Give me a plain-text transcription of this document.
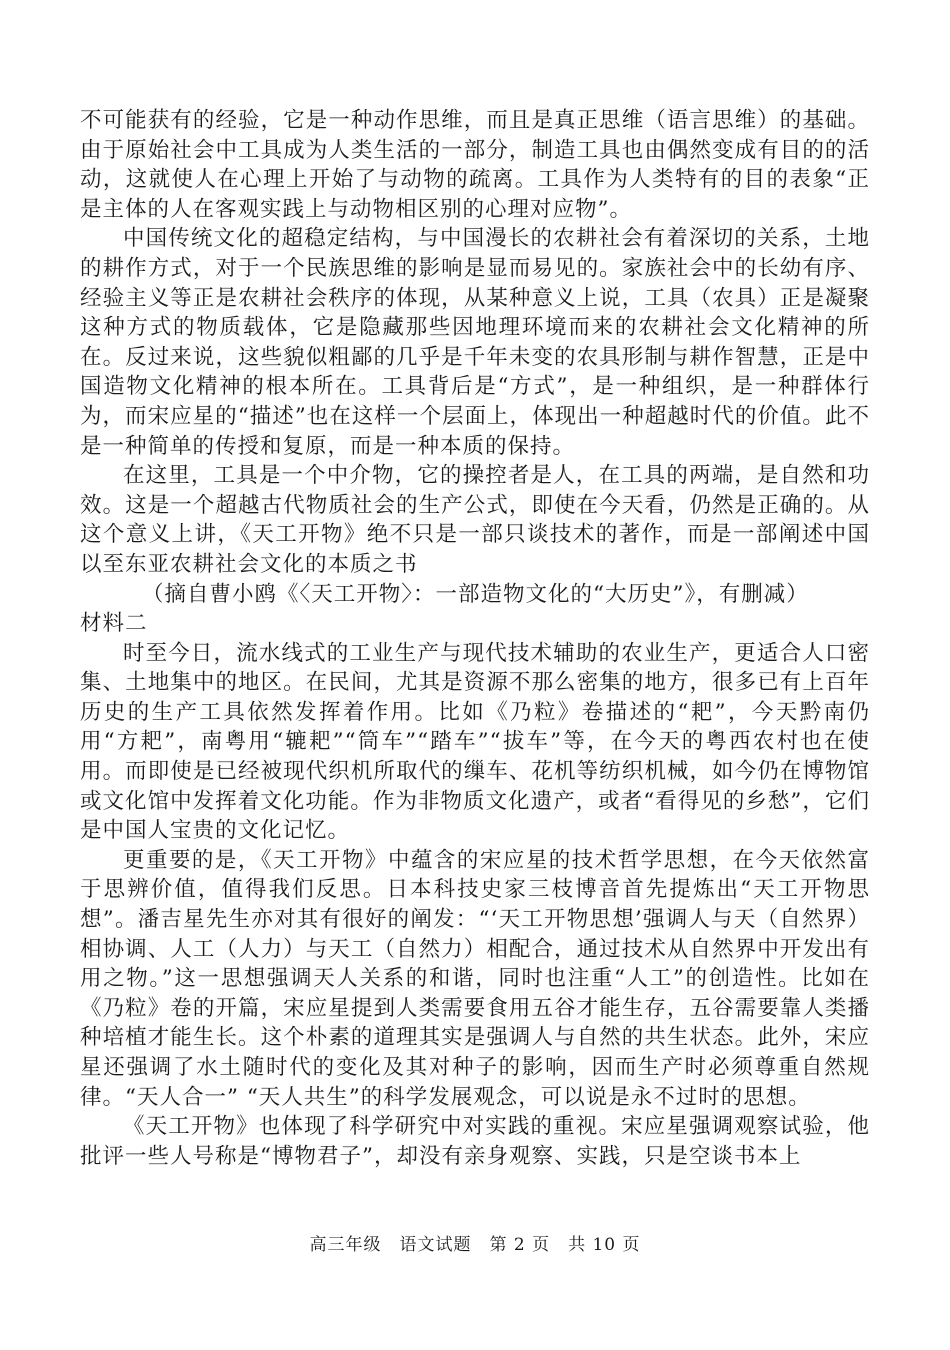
不可能获有的经验，它是一种动作思维，而且是真正思维（语言思维）的基础。由于原始社会中工具成为人类生活的一部分，制造工具也由偶然变成有目的的活动，这就使人在心理上开始了与动物的疏离。工具作为人类特有的目的表象“正是主体的人在客观实践上与动物相区别的心理对应物”。

中国传统文化的超稳定结构，与中国漫长的农耕社会有着深切的关系，土地的耕作方式，对于一个民族思维的影响是显而易见的。家族社会中的长幼有序、经验主义等正是农耕社会秩序的体现，从某种意义上说，工具（农具）正是凝聚这种方式的物质载体，它是隐藏那些因地理环境而来的农耕社会文化精神的所在。反过来说，这些貌似粗鄙的几乎是千年未变的农具形制与耕作智慧，正是中国造物文化精神的根本所在。工具背后是“方式”，是一种组织，是一种群体行为，而宋应星的“描述”也在这样一个层面上，体现出一种超越时代的价值。此不是一种简单的传授和复原，而是一种本质的保持。

在这里，工具是一个中介物，它的操控者是人，在工具的两端，是自然和功效。这是一个超越古代物质社会的生产公式，即使在今天看，仍然是正确的。从这个意义上讲，《天工开物》绝不只是一部只谈技术的著作，而是一部阐述中国以至东亚农耕社会文化的本质之书

（摘自曹小鸥《〈天工开物〉：一部造物文化的“大历史”》，有删减）

材料二

时至今日，流水线式的工业生产与现代技术辅助的农业生产，更适合人口密集、土地集中的地区。在民间，尤其是资源不那么密集的地方，很多已有上百年历史的生产工具依然发挥着作用。比如《乃粒》卷描述的“耙”，今天黔南仍用“方耙”，南粤用“辘耙”“筒车”“踏车”“拔车”等，在今天的粤西农村也在使用。而即使是已经被现代织机所取代的缫车、花机等纺织机械，如今仍在博物馆或文化馆中发挥着文化功能。作为非物质文化遗产，或者“看得见的乡愁”，它们是中国人宝贵的文化记忆。

更重要的是，《天工开物》中蕴含的宋应星的技术哲学思想，在今天依然富于思辨价值，值得我们反思。日本科技史家三枝博音首先提炼出“天工开物思想”。潘吉星先生亦对其有很好的阐发：“‘天工开物思想’强调人与天（自然界）相协调、人工（人力）与天工（自然力）相配合，通过技术从自然界中开发出有用之物。”这一思想强调天人关系的和谐，同时也注重“人工”的创造性。比如在《乃粒》卷的开篇，宋应星提到人类需要食用五谷才能生存，五谷需要靠人类播种培植才能生长。这个朴素的道理其实是强调人与自然的共生状态。此外，宋应星还强调了水土随时代的变化及其对种子的影响，因而生产时必须尊重自然规律。“天人合一” “天人共生”的科学发展观念，可以说是永不过时的思想。

《天工开物》也体现了科学研究中对实践的重视。宋应星强调观察试验，他批评一些人号称是“博物君子”，却没有亲身观察、实践，只是空谈书本上

高三年级　语文试题　第 2 页　共 10 页
